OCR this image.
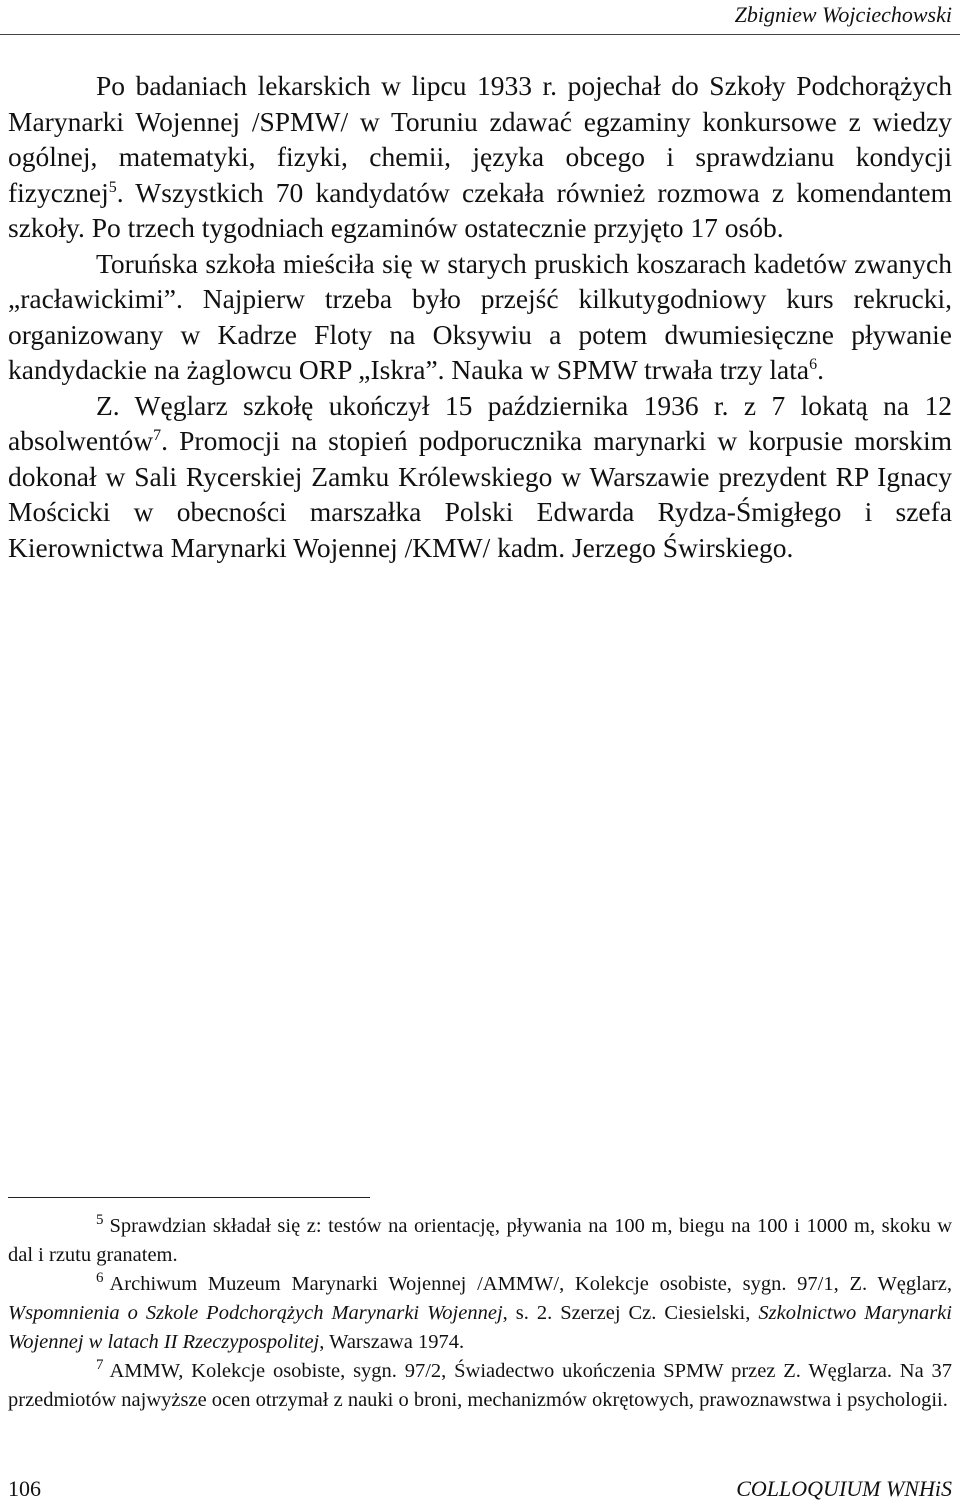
Zbigniew Wojciechowski

Po badaniach lekarskich w lipcu 1933 r. pojechał do Szkoły Podchorążych Marynarki Wojennej /SPMW/ w Toruniu zdawać egzaminy konkursowe z wiedzy ogólnej, matematyki, fizyki, chemii, języka obcego i sprawdzianu kondycji fizycznej$^5$. Wszystkich 70 kandydatów czekała również rozmowa z komendantem szkoły. Po trzech tygodniach egzaminów ostatecznie przyjęto 17 osób.

Toruńska szkoła mieściła się w starych pruskich koszarach kadetów zwanych „racławickimi”. Najpierw trzeba było przejść kilkutygodniowy kurs rekrucki, organizowany w Kadrze Floty na Oksywiu a potem dwumiesięczne pływanie kandydackie na żaglowcu ORP „Iskra”. Nauka w SPMW trwała trzy lata$^6$.

Z. Węglarz szkołę ukończył 15 października 1936 r. z 7 lokatą na 12 absolwentów$^7$. Promocji na stopień podporucznika marynarki w korpusie morskim dokonał w Sali Rycerskiej Zamku Królewskiego w Warszawie prezydent RP Ignacy Mościcki w obecności marszałka Polski Edwarda Rydza-Śmigłego i szefa Kierownictwa Marynarki Wojennej /KMW/ kadm. Jerzego Świrskiego.

$^5$ Sprawdzian składał się z: testów na orientację, pływania na 100 m, biegu na 100 i 1000 m, skoku w dal i rzutu granatem.

$^6$ Archiwum Muzeum Marynarki Wojennej /AMMW/, Kolekcje osobiste, sygn. 97/1, Z. Węglarz, Wspomnienia o Szkole Podchorążych Marynarki Wojennej, s. 2. Szerzej Cz. Ciesielski, Szkolnictwo Marynarki Wojennej w latach II Rzeczypospolitej, Warszawa 1974.

$^7$ AMMW, Kolekcje osobiste, sygn. 97/2, Świadectwo ukończenia SPMW przez Z. Węglarza. Na 37 przedmiotów najwyższe ocen otrzymał z nauki o broni, mechanizmów okrętowych, prawoznawstwa i psychologii.

106	COLLOQUIUM WNHiS
